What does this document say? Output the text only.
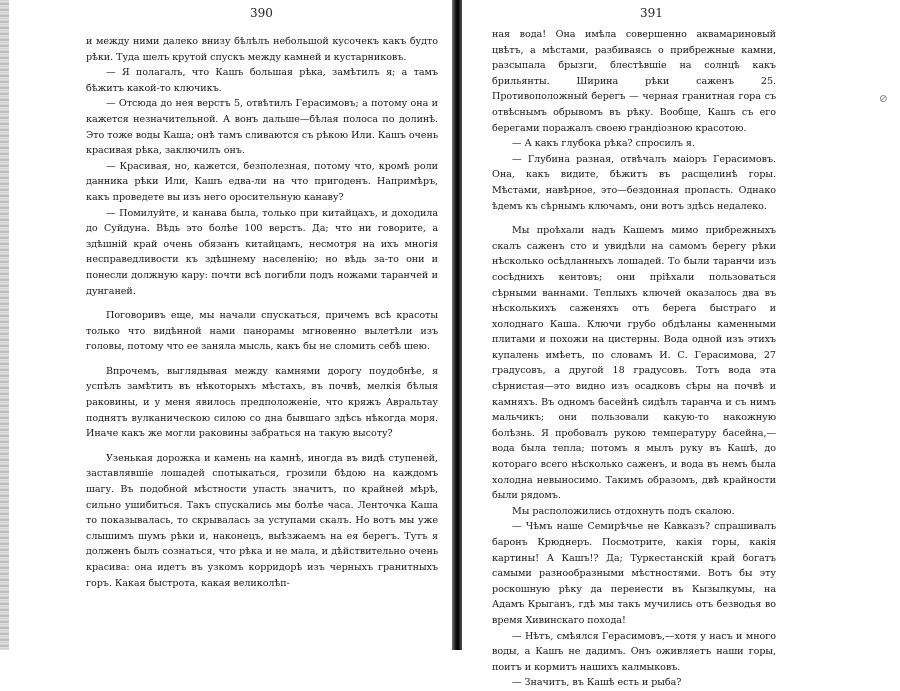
390

и между ними далеко внизу бѣлѣлъ небольшой кусочекъ какъ будто рѣки. Туда шелъ крутой спускъ между камней и кустарниковъ.

— Я полагалъ, что Кашъ большая рѣка, замѣтилъ я; а тамъ бѣжитъ какой-то ключикъ.

— Отсюда до нея верстъ 5, отвѣтилъ Герасимовъ; а потому она и кажется незначительной. А вонъ дальше—бѣлая полоса по долинѣ. Это тоже воды Каша; онѣ тамъ сливаются съ рѣкою Или. Кашъ очень красивая рѣка, заключилъ онъ.

— Красивая, но, кажется, безполезная, потому что, кромѣ роли данника рѣки Или, Кашъ едва-ли на что пригоденъ. Напримѣръ, какъ проведете вы изъ него оросительную канаву?

— Помилуйте, и канава была, только при китайцахъ, и доходила до Суйдуна. Вѣдь это болѣе 100 верстъ. Да; что ни говорите, а здѣшній край очень обязанъ китайцамъ, несмотря на ихъ многія несправедливости къ здѣшнему населенію; но вѣдь за-то они и понесли должную кару: почти всѣ погибли подъ ножами таранчей и дунганей.

Поговоривъ еще, мы начали спускаться, причемъ всѣ красоты только что видѣнной нами панорамы мгновенно вылетѣли изъ головы, потому что ее заняла мысль, какъ бы не сломить себѣ шею.

Впрочемъ, выглядывая между камнями дорогу поудобнѣе, я успѣлъ замѣтить въ нѣкоторыхъ мѣстахъ, въ почвѣ, мелкія бѣлыя раковины, и у меня явилось предположеніе, что кряжъ Авральтау поднятъ вулканическою силою со дна бывшаго здѣсь нѣкогда моря. Иначе какъ же могли раковины забраться на такую высоту?

Узенькая дорожка и камень на камнѣ, иногда въ видѣ ступеней, заставлявшіе лошадей спотыкаться, грозили бѣдою на каждомъ шагу. Въ подобной мѣстности упасть значитъ, по крайней мѣрѣ, сильно ушибиться. Такъ спускались мы болѣе часа. Ленточка Каша то показывалась, то скрывалась за уступами скалъ. Но вотъ мы уже слышимъ шумъ рѣки и, наконецъ, выѣзжаемъ на ея берегъ. Тутъ я долженъ былъ сознаться, что рѣка и не мала, и дѣйствительно очень красива: она идетъ въ узкомъ корридорѣ изъ черныхъ гранитныхъ горъ. Какая быстрота, какая великолѣп-

391

ная вода! Она имѣла совершенно аквамариновый цвѣтъ, а мѣстами, разбиваясь о прибрежные камни, разсыпала брызги, блестѣвшіе на солнцѣ какъ брильянты. Ширина рѣки саженъ 25. Противоположный берегъ — черная гранитная гора съ отвѣснымъ обрывомъ въ рѣку. Вообще, Кашъ съ его берегами поражалъ своею грандіозною красотою.

— А какъ глубока рѣка? спросилъ я.

— Глубина разная, отвѣчалъ маіоръ Герасимовъ. Она, какъ видите, бѣжитъ въ расщелинѣ горы. Мѣстами, навѣрное, это—бездонная пропасть. Однако ѣдемъ къ сѣрнымъ ключамъ, они вотъ здѣсь недалеко.

Мы проѣхали надъ Кашемъ мимо прибрежныхъ скалъ саженъ сто и увидѣли на самомъ берегу рѣки нѣсколько осѣдланныхъ лошадей. То были таранчи изъ сосѣднихъ кентовъ; они пріѣхали пользоваться сѣрными ваннами. Теплыхъ ключей оказалось два въ нѣсколькихъ саженяхъ отъ берега быстраго и холоднаго Каша. Ключи грубо обдѣланы каменными плитами и похожи на цистерны. Вода одной изъ этихъ купалень имѣетъ, по словамъ И. С. Герасимова, 27 градусовъ, а другой 18 градусовъ. Тотъ вода эта сѣрнистая—это видно изъ осадковъ сѣры на почвѣ и камняхъ. Въ одномъ басейнѣ сидѣлъ таранча и съ нимъ мальчикъ; они пользовали какую-то накожную болѣзнь. Я пробовалъ рукою температуру басейна,—вода была тепла; потомъ я мылъ руку въ Кашѣ, до котораго всего нѣсколько саженъ, и вода въ немъ была холодна невыносимо. Такимъ образомъ, двѣ крайности были рядомъ.

Мы расположились отдохнуть подъ скалою.

— Чѣмъ наше Семирѣчье не Кавказъ? спрашивалъ баронъ Крюднеръ. Посмотрите, какія горы, какія картины! А Кашъ!? Да; Туркестанскій край богатъ самыми разнообразными мѣстностями. Вотъ бы эту роскошную рѣку да перенести въ Кызылкумы, на Адамъ Крыганъ, гдѣ мы такъ мучились отъ безводья во время Хивинскаго похода!

— Нѣтъ, смѣялся Герасимовъ,—хотя у насъ и много воды, а Кашъ не дадимъ. Онъ оживляетъ наши горы, поитъ и кормитъ нашихъ калмыковъ.

— Значитъ, въ Кашѣ есть и рыба?

⊘
